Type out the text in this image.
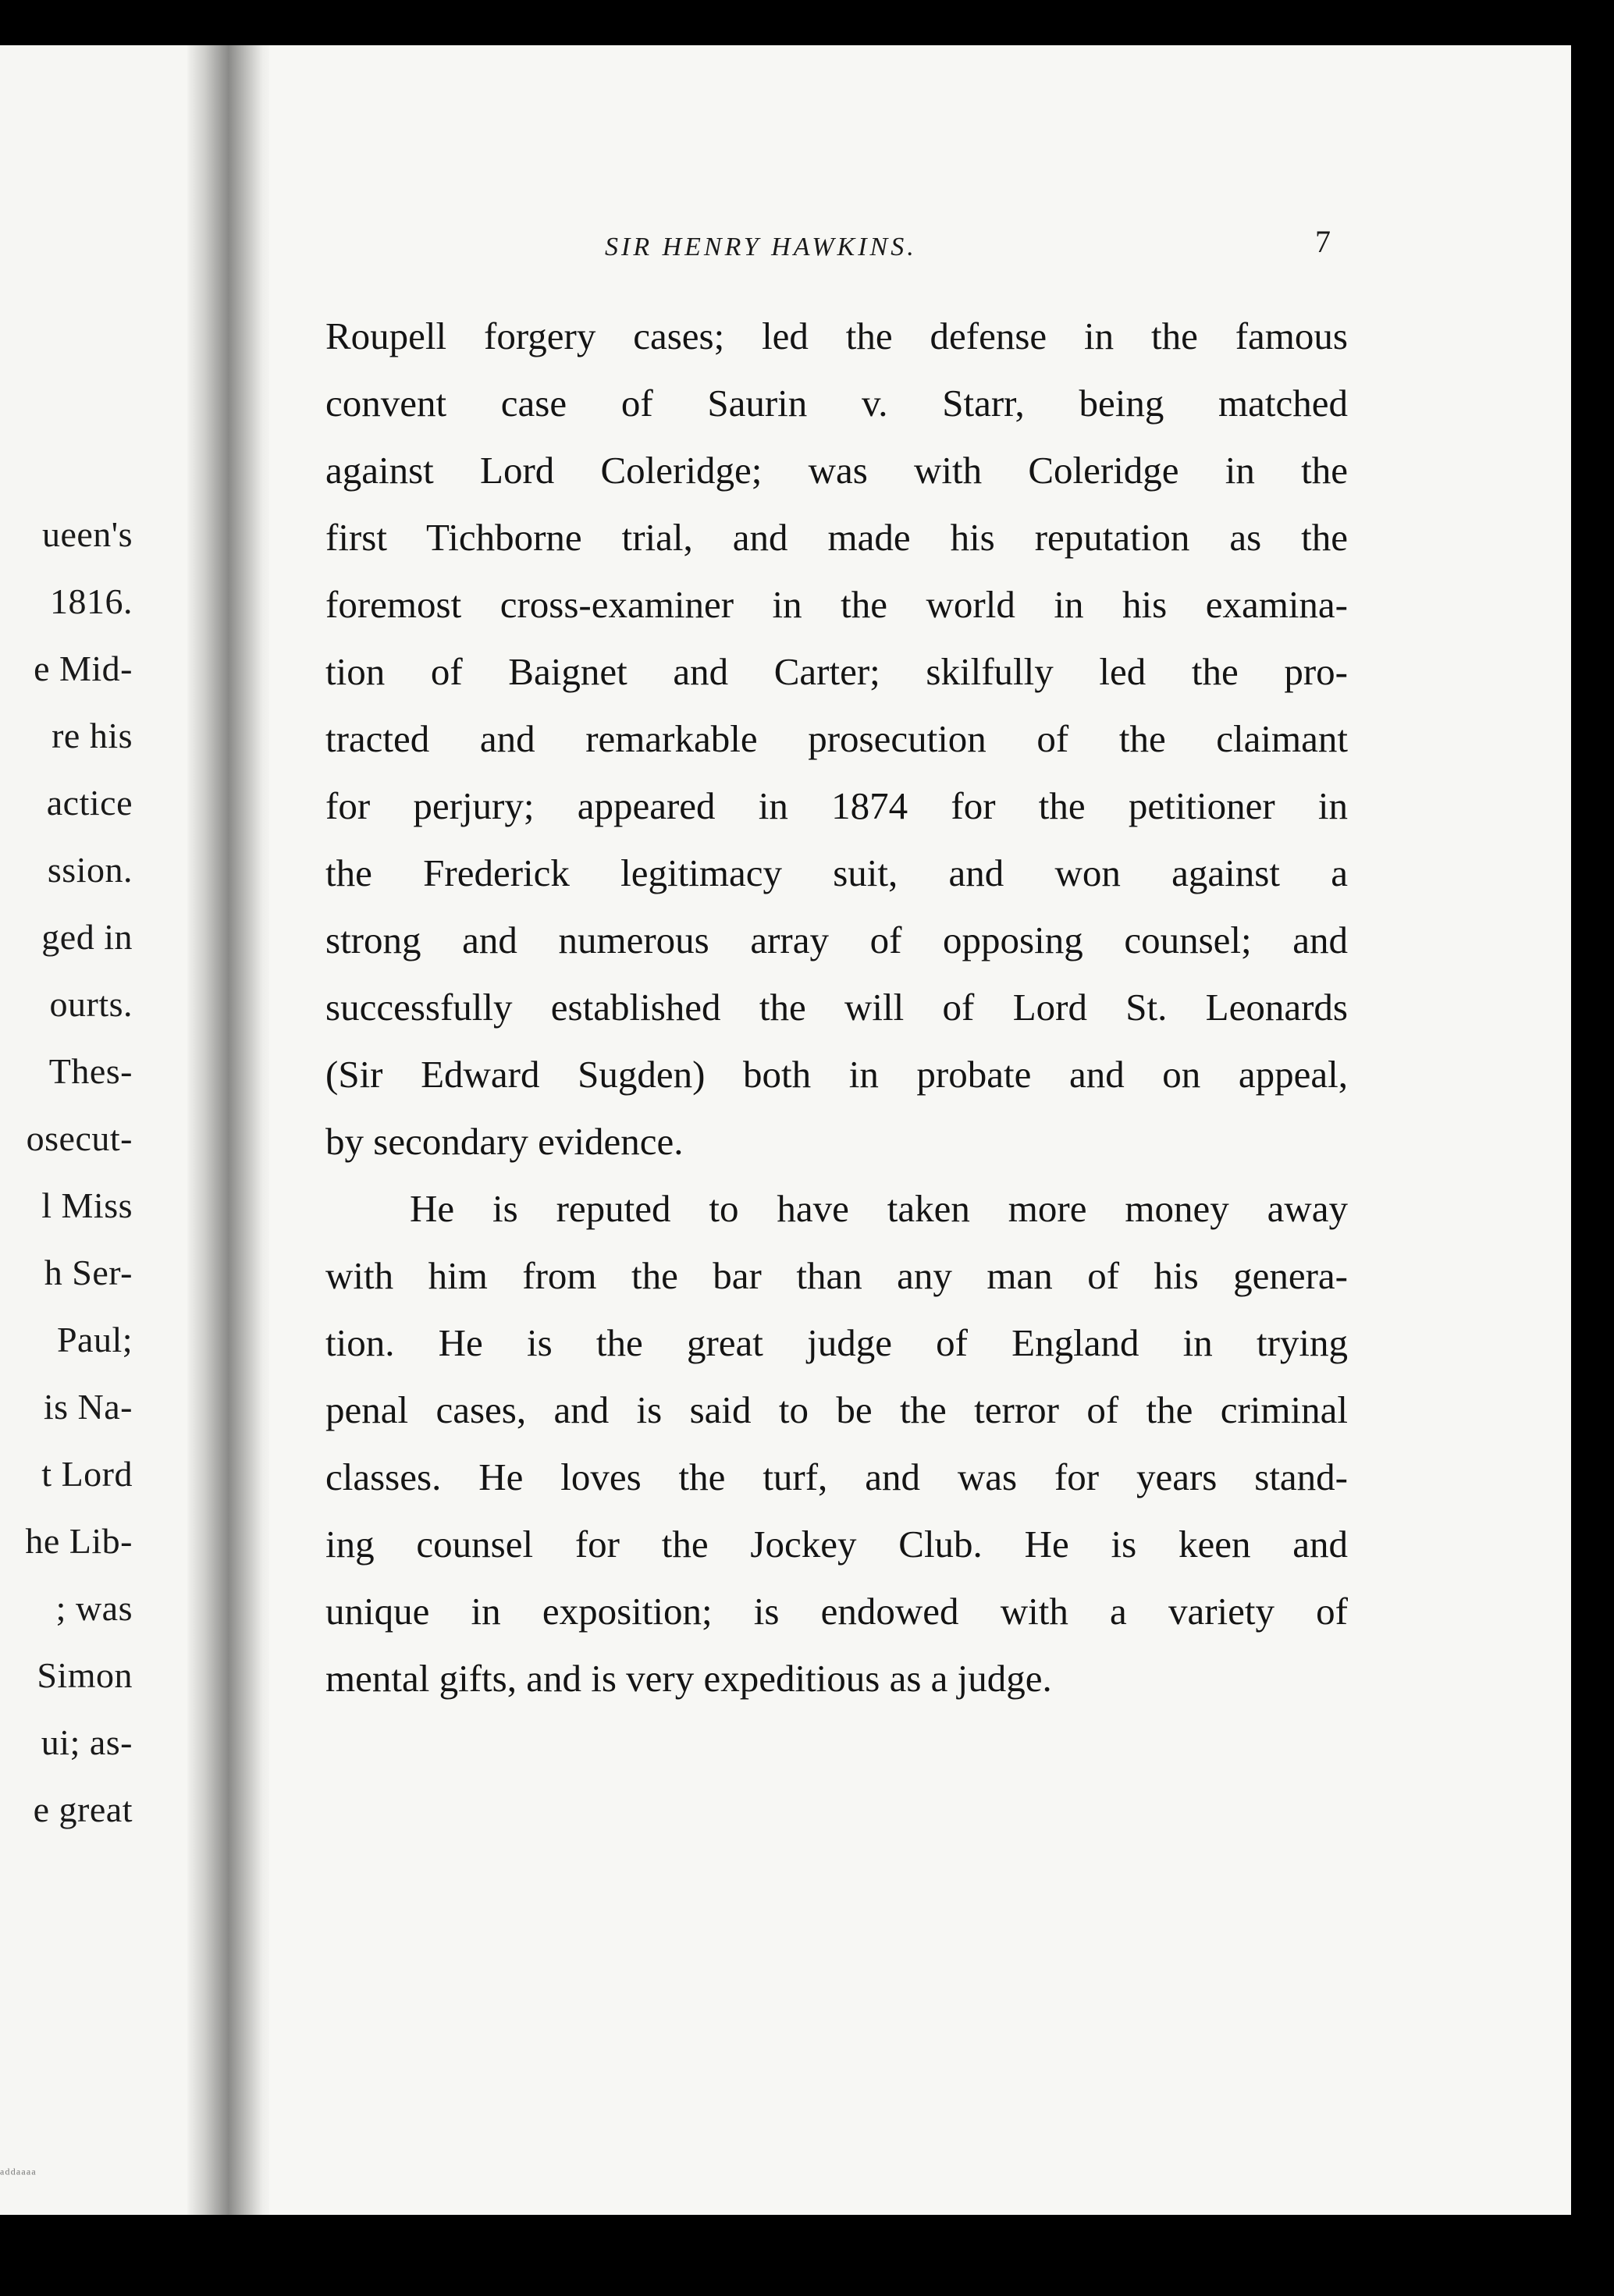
ueen's
1816.
e Mid-
re his
actice
ssion.
ged in
ourts.
Thes-
osecut-
l Miss
h Ser-
Paul;
is Na-
t Lord
he Lib-
; was
Simon
ui; as-
e great
ᵃᵈᵈᵃᵃᵃᵃ
SIR HENRY HAWKINS.	7
Roupell forgery cases; led the defense in the famous
convent case of Saurin v. Starr, being matched
against Lord Coleridge; was with Coleridge in the
first Tichborne trial, and made his reputation as the
foremost cross-examiner in the world in his examina-
tion of Baignet and Carter; skilfully led the pro-
tracted and remarkable prosecution of the claimant
for perjury; appeared in 1874 for the petitioner in
the Frederick legitimacy suit, and won against a
strong and numerous array of opposing counsel; and
successfully established the will of Lord St. Leonards
(Sir Edward Sugden) both in probate and on appeal,
by secondary evidence.
He is reputed to have taken more money away
with him from the bar than any man of his genera-
tion. He is the great judge of England in trying
penal cases, and is said to be the terror of the criminal
classes. He loves the turf, and was for years stand-
ing counsel for the Jockey Club. He is keen and
unique in exposition; is endowed with a variety of
mental gifts, and is very expeditious as a judge.
